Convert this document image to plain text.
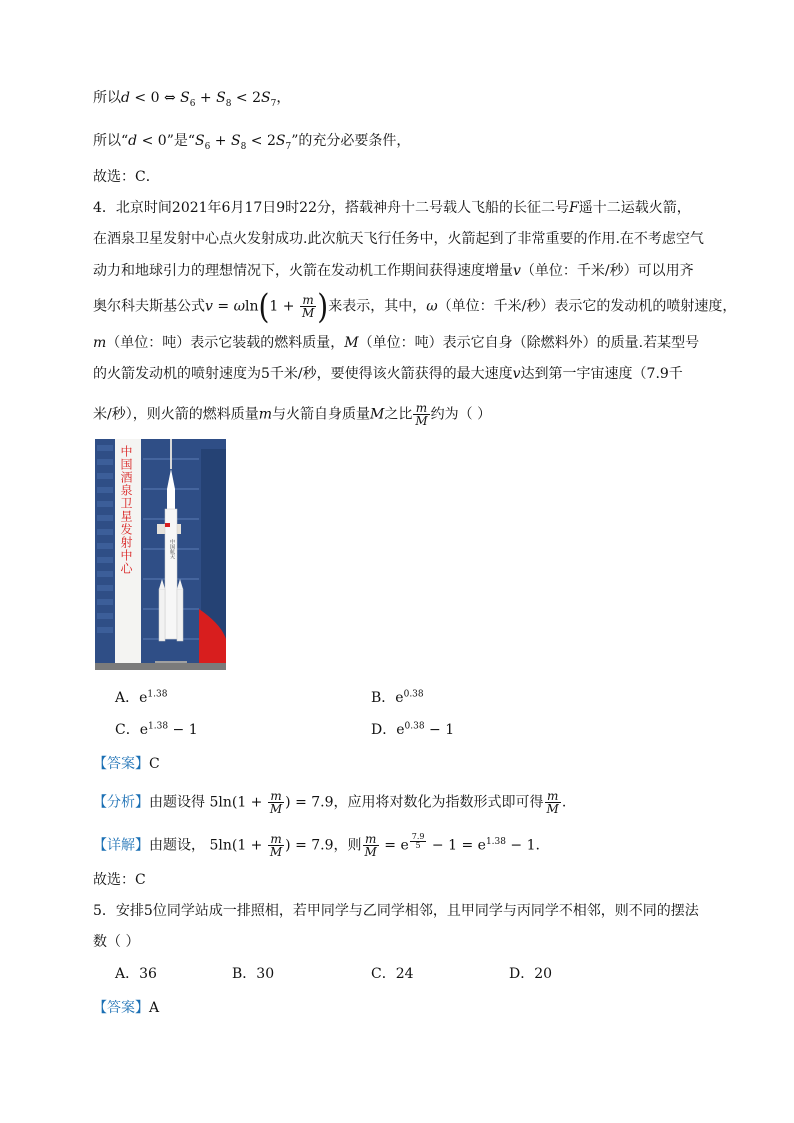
所以d < 0 ⇔ $S_6 + S_8 < 2S_7$，
所以“d < 0”是“$S_6 + S_8 < 2S_7$”的充分必要条件，
故选：C．
4．北京时间2021年6月17日9时22分，搭载神舟十二号载人飞船的长征二号F遥十二运载火箭，
在酒泉卫星发射中心点火发射成功.此次航天飞行任务中，火箭起到了非常重要的作用.在不考虑空气
动力和地球引力的理想情况下，火箭在发动机工作期间获得速度增量v（单位：千米/秒）可以用齐
奥尔科夫斯基公式$v = \omega\ln(1 + \frac{m}{M}$ )来表示，其中，ω（单位：千米/秒）表示它的发动机的喷射速度，
m（单位：吨）表示它装载的燃料质量，M（单位：吨）表示它自身（除燃料外）的质量.若某型号
的火箭发动机的喷射速度为5千米/秒，要使得该火箭获得的最大速度v达到第一宇宙速度（7.9千
米/秒），则火箭的燃料质量m与火箭自身质量M之比 $\frac{m}{M}$ 约为（ ）
中国酒泉卫星发射中心	中国航天
A．$e^{1.38}$	B．$e^{0.38}$
C．$e^{1.38} - 1$	D．$e^{0.38} - 1$
【答案】C
【分析】由题设得 $5\ln(1 + \frac{m}{M}$ ) = 7.9，应用将对数化为指数形式即可得 $\frac{m}{M}$ .
【详解】由题设， $5\ln(1 + \frac{m}{M}$ ) = 7.9，则 $\frac{m}{M} = e$ $^{\frac{7.9}{5}} - 1 = e^{1.38} - 1$.
故选：C
5．安排5位同学站成一排照相，若甲同学与乙同学相邻，且甲同学与丙同学不相邻，则不同的摆法
数（ ）
A．36	B．30	C．24	D．20
【答案】A
